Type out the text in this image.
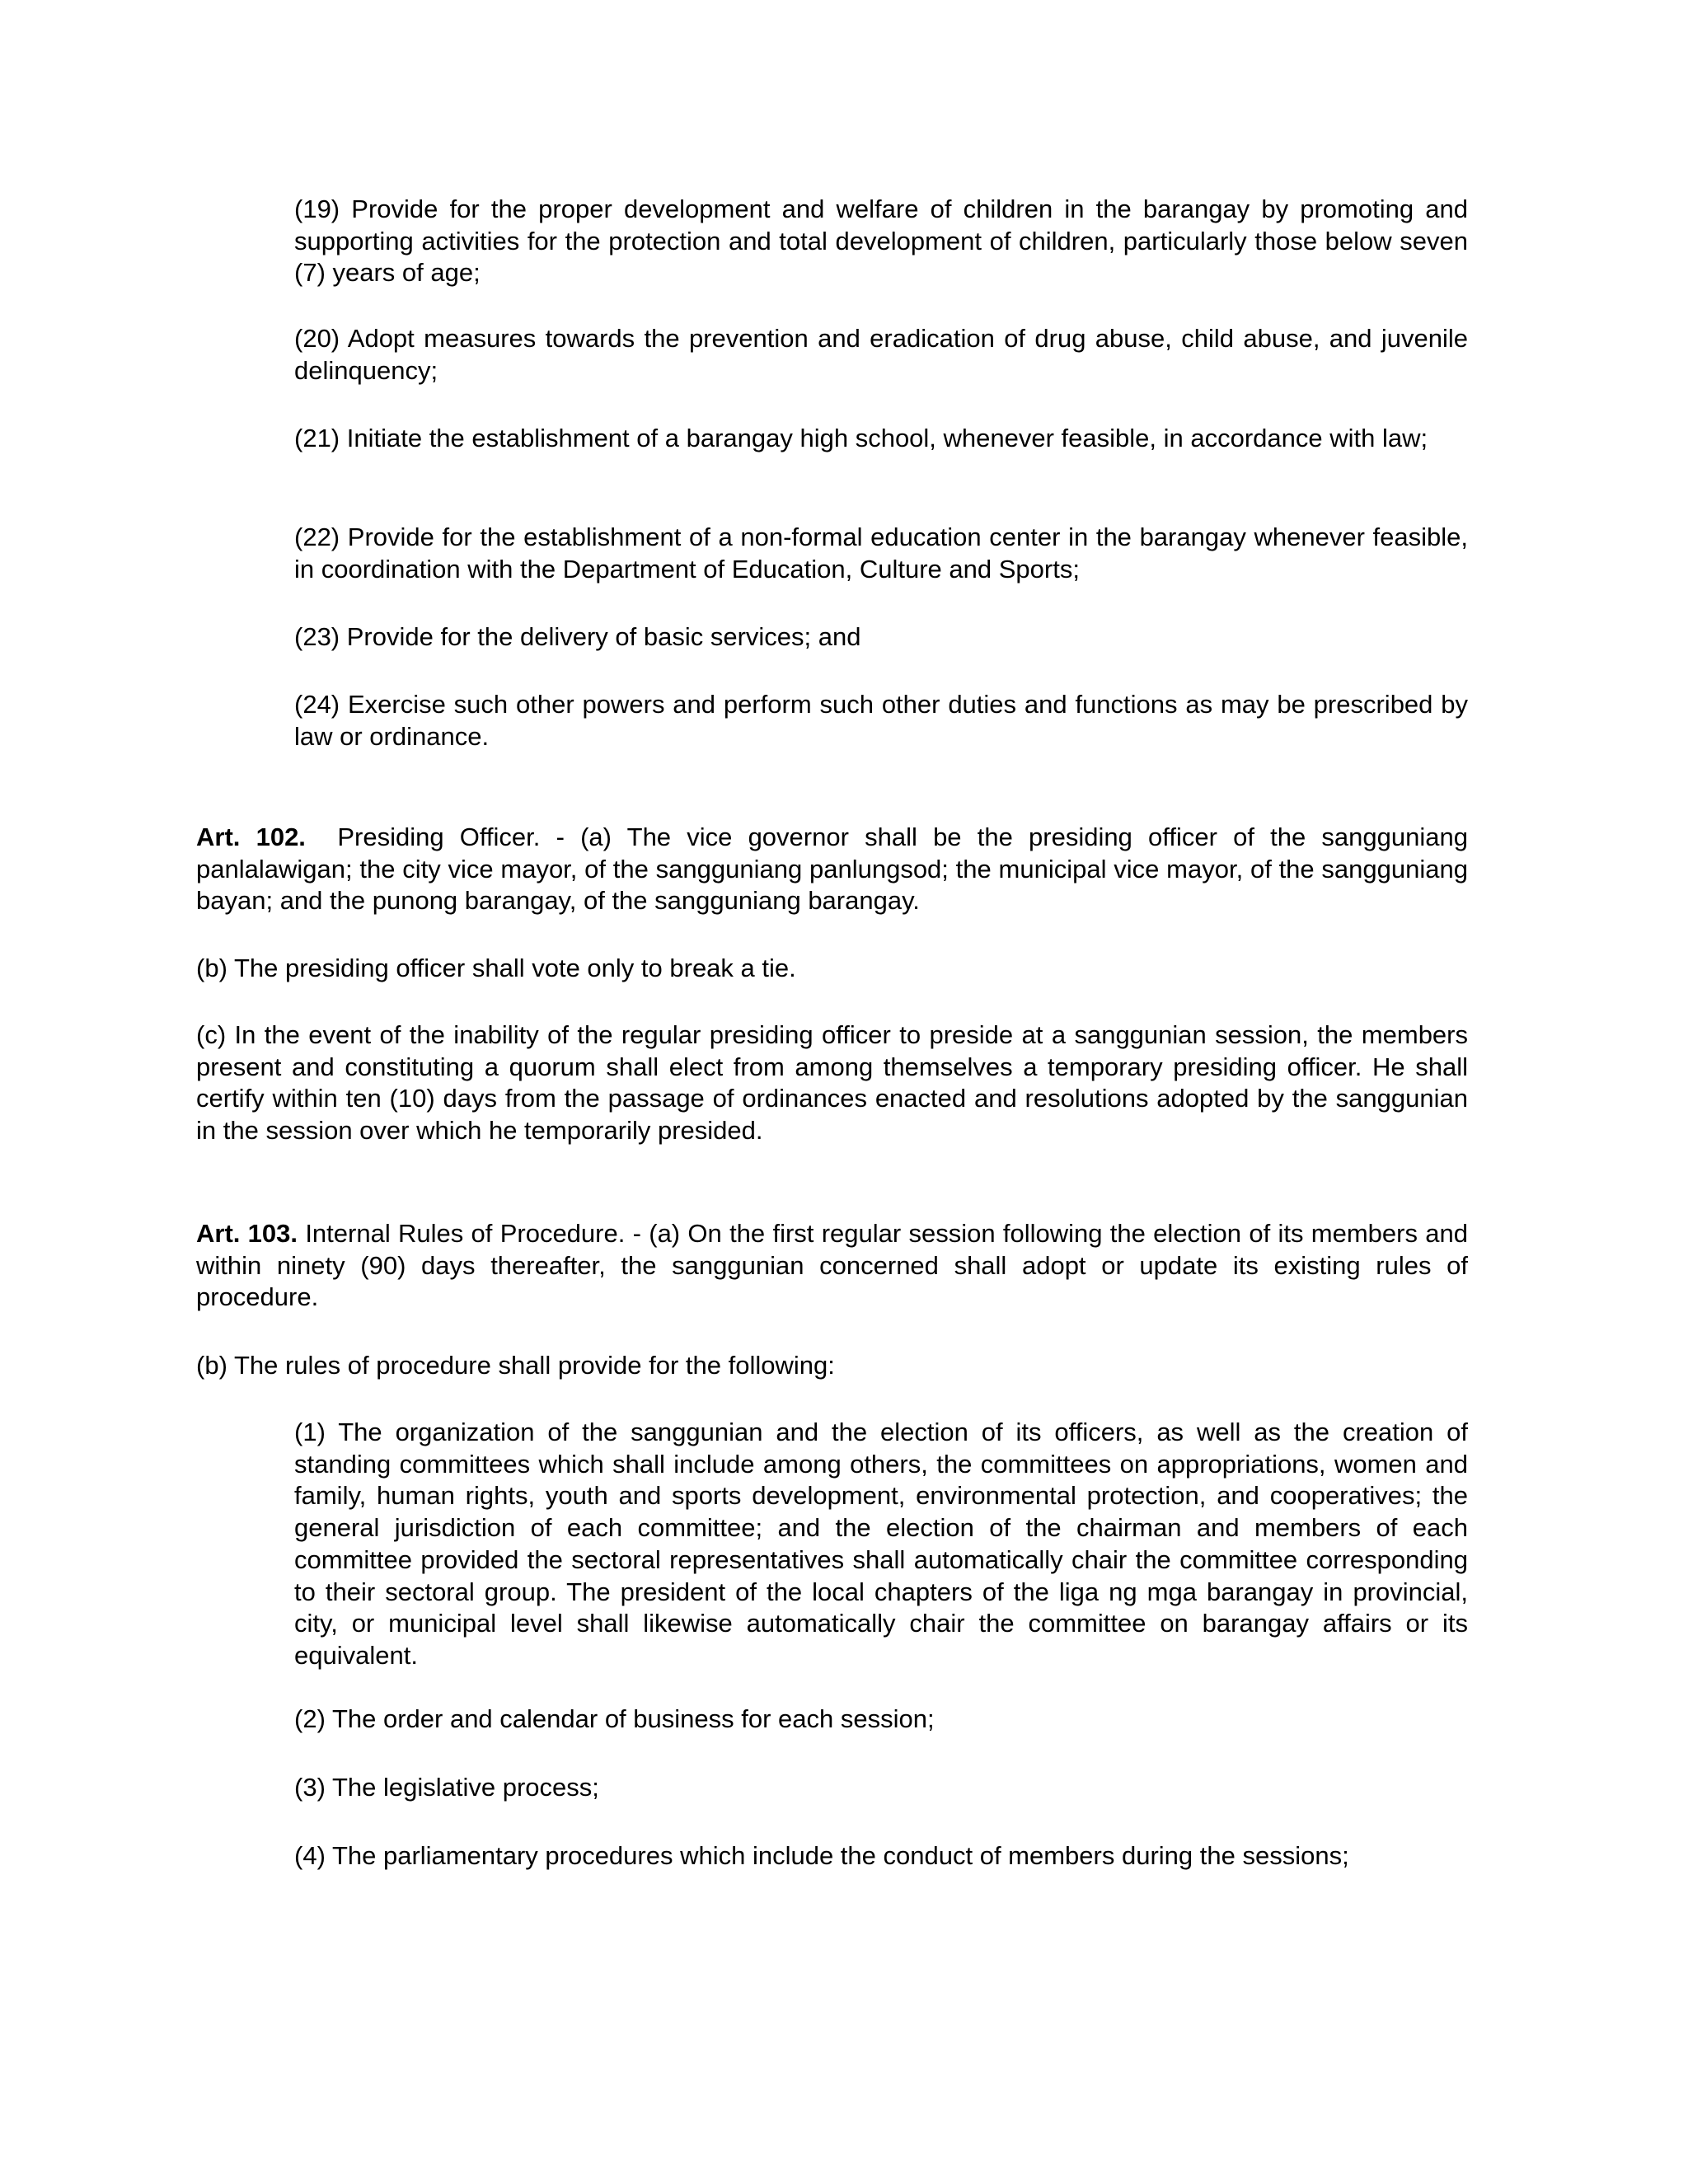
(19) Provide for the proper development and welfare of children in the barangay by promoting and supporting activities for the protection and total development of children, particularly those below seven (7) years of age;

(20) Adopt measures towards the prevention and eradication of drug abuse, child abuse, and juvenile delinquency;

(21) Initiate the establishment of a barangay high school, whenever feasible, in accordance with law;

(22) Provide for the establishment of a non-formal education center in the barangay whenever feasible, in coordination with the Department of Education, Culture and Sports;

(23) Provide for the delivery of basic services; and

(24) Exercise such other powers and perform such other duties and functions as may be prescribed by law or ordinance.

Art. 102. Presiding Officer. - (a) The vice governor shall be the presiding officer of the sangguniang panlalawigan; the city vice mayor, of the sangguniang panlungsod; the municipal vice mayor, of the sangguniang bayan; and the punong barangay, of the sangguniang barangay.

(b) The presiding officer shall vote only to break a tie.

(c) In the event of the inability of the regular presiding officer to preside at a sanggunian session, the members present and constituting a quorum shall elect from among themselves a temporary presiding officer. He shall certify within ten (10) days from the passage of ordinances enacted and resolutions adopted by the sanggunian in the session over which he temporarily presided.

Art. 103. Internal Rules of Procedure. - (a) On the first regular session following the election of its members and within ninety (90) days thereafter, the sanggunian concerned shall adopt or update its existing rules of procedure.

(b) The rules of procedure shall provide for the following:

(1) The organization of the sanggunian and the election of its officers, as well as the creation of standing committees which shall include among others, the committees on appropriations, women and family, human rights, youth and sports development, environmental protection, and cooperatives; the general jurisdiction of each committee; and the election of the chairman and members of each committee provided the sectoral representatives shall automatically chair the committee corresponding to their sectoral group. The president of the local chapters of the liga ng mga barangay in provincial, city, or municipal level shall likewise automatically chair the committee on barangay affairs or its equivalent.

(2) The order and calendar of business for each session;

(3) The legislative process;

(4) The parliamentary procedures which include the conduct of members during the sessions;
